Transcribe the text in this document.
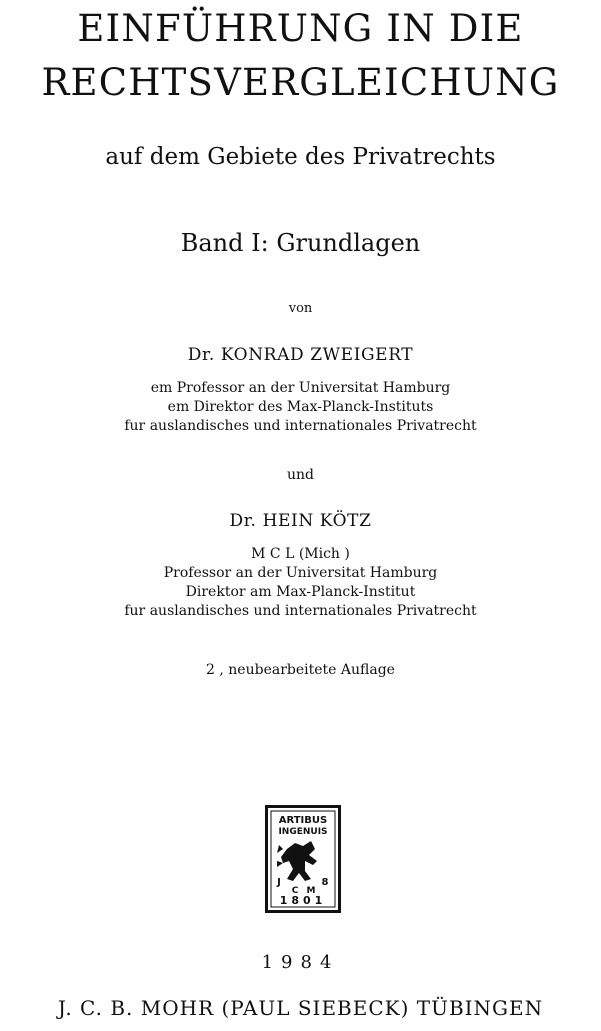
EINFÜHRUNG IN DIE
RECHTSVERGLEICHUNG
auf dem Gebiete des Privatrechts
Band I: Grundlagen
von
Dr. KONRAD ZWEIGERT
em Professor an der Universitat Hamburg
em Direktor des Max-Planck-Instituts
fur auslandisches und internationales Privatrecht
und
Dr. HEIN KÖTZ
M C L (Mich )
Professor an der Universitat Hamburg
Direktor am Max-Planck-Institut
fur auslandisches und internationales Privatrecht
2 , neubearbeitete Auflage
ARTIBUS
INGENUIS
J	8
C M
1801
1984
J. C. B. MOHR (PAUL SIEBECK) TÜBINGEN
